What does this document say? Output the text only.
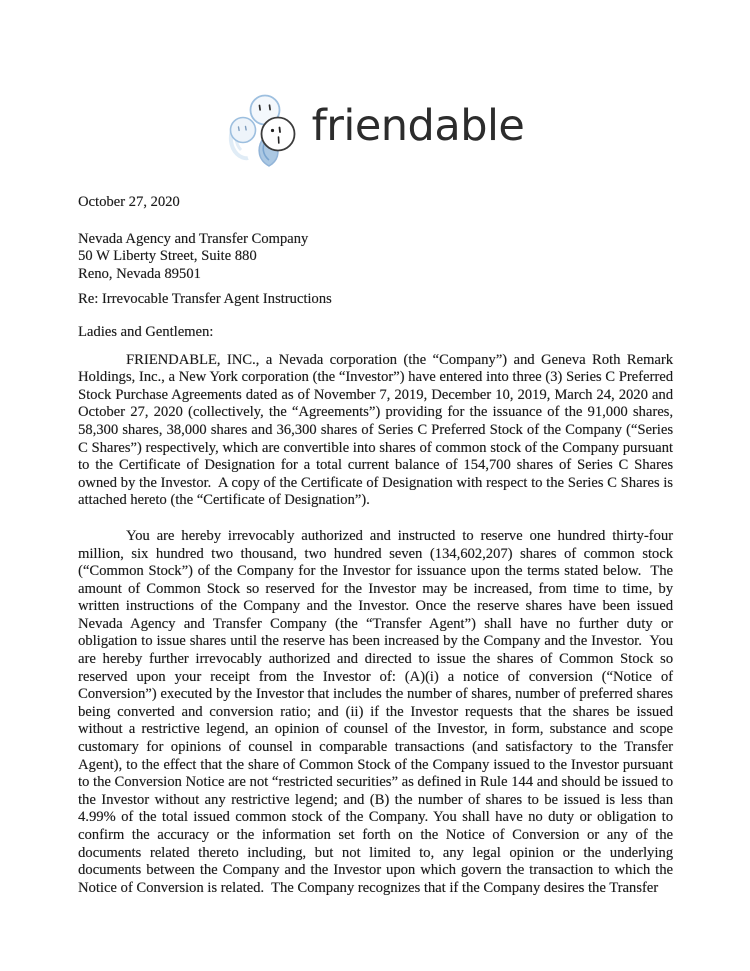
friendable
October 27, 2020
Nevada Agency and Transfer Company
50 W Liberty Street, Suite 880
Reno, Nevada 89501
Re: Irrevocable Transfer Agent Instructions
Ladies and Gentlemen:

FRIENDABLE, INC., a Nevada corporation (the “Company”) and Geneva Roth Remark Holdings, Inc., a New York corporation (the “Investor”) have entered into three (3) Series C Preferred Stock Purchase Agreements dated as of November 7, 2019, December 10, 2019, March 24, 2020 and October 27, 2020 (collectively, the “Agreements”) providing for the issuance of the 91,000 shares, 58,300 shares, 38,000 shares and 36,300 shares of Series C Preferred Stock of the Company (“Series C Shares”) respectively, which are convertible into shares of common stock of the Company pursuant to the Certificate of Designation for a total current balance of 154,700 shares of Series C Shares owned by the Investor.  A copy of the Certificate of Designation with respect to the Series C Shares is attached hereto (the “Certificate of Designation”).

You are hereby irrevocably authorized and instructed to reserve one hundred thirty-four million, six hundred two thousand, two hundred seven (134,602,207) shares of common stock (“Common Stock”) of the Company for the Investor for issuance upon the terms stated below.  The amount of Common Stock so reserved for the Investor may be increased, from time to time, by written instructions of the Company and the Investor. Once the reserve shares have been issued Nevada Agency and Transfer Company (the “Transfer Agent”) shall have no further duty or obligation to issue shares until the reserve has been increased by the Company and the Investor.  You are hereby further irrevocably authorized and directed to issue the shares of Common Stock so reserved upon your receipt from the Investor of: (A)(i) a notice of conversion (“Notice of Conversion”) executed by the Investor that includes the number of shares, number of preferred shares being converted and conversion ratio; and (ii) if the Investor requests that the shares be issued without a restrictive legend, an opinion of counsel of the Investor, in form, substance and scope customary for opinions of counsel in comparable transactions (and satisfactory to the Transfer Agent), to the effect that the share of Common Stock of the Company issued to the Investor pursuant to the Conversion Notice are not “restricted securities” as defined in Rule 144 and should be issued to the Investor without any restrictive legend; and (B) the number of shares to be issued is less than 4.99% of the total issued common stock of the Company. You shall have no duty or obligation to confirm the accuracy or the information set forth on the Notice of Conversion or any of the documents related thereto including, but not limited to, any legal opinion or the underlying documents between the Company and the Investor upon which govern the transaction to which the Notice of Conversion is related.  The Company recognizes that if the Company desires the Transfer
